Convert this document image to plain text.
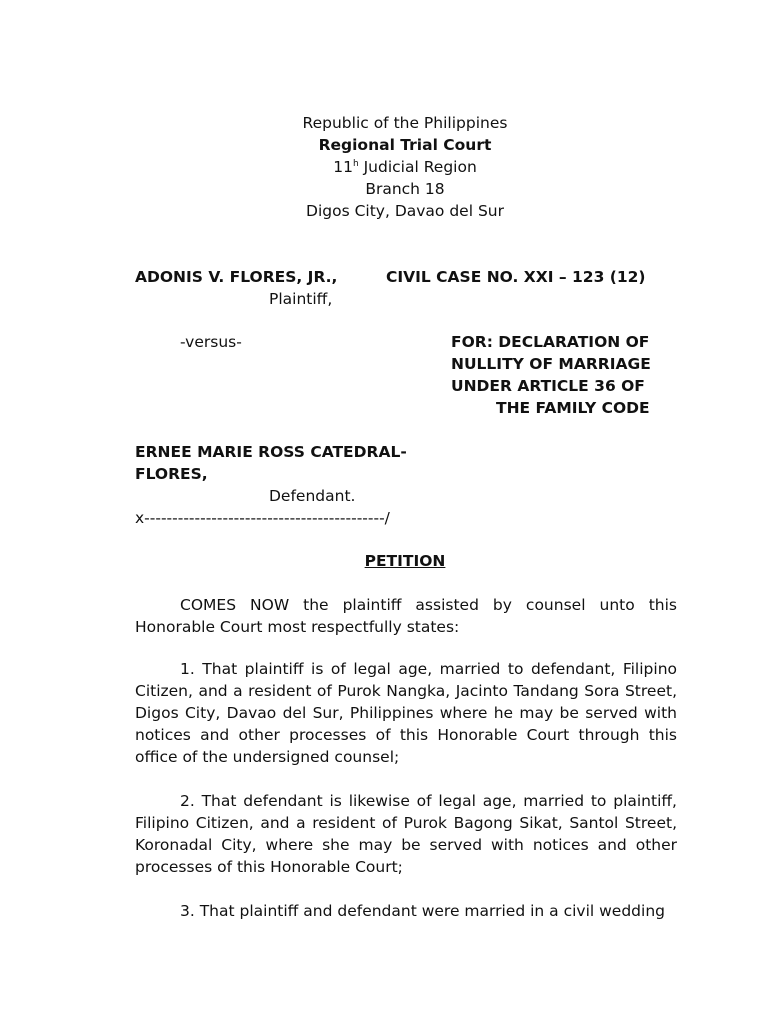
Republic of the Philippines
Regional Trial Court
11$^h$ Judicial Region
Branch 18
Digos City, Davao del Sur
ADONIS V. FLORES, JR.,
Plaintiff,
CIVIL CASE NO. XXI – 123 (12)
-versus-	FOR: DECLARATION OF
NULLITY OF MARRIAGE
UNDER ARTICLE 36 OF
THE FAMILY CODE
ERNEE MARIE ROSS CATEDRAL-
FLORES,
Defendant.
x-------------------------------------------/
PETITION
COMES NOW the plaintiff assisted by counsel unto this Honorable Court most respectfully states:
1. That plaintiff is of legal age, married to defendant, Filipino Citizen, and a resident of Purok Nangka, Jacinto Tandang Sora Street, Digos City, Davao del Sur, Philippines where he may be served with notices and other processes of this Honorable Court through this office of the undersigned counsel;
2. That defendant is likewise of legal age, married to plaintiff, Filipino Citizen, and a resident of Purok Bagong Sikat, Santol Street, Koronadal City, where she may be served with notices and other processes of this Honorable Court;
3. That plaintiff and defendant were married in a civil wedding
